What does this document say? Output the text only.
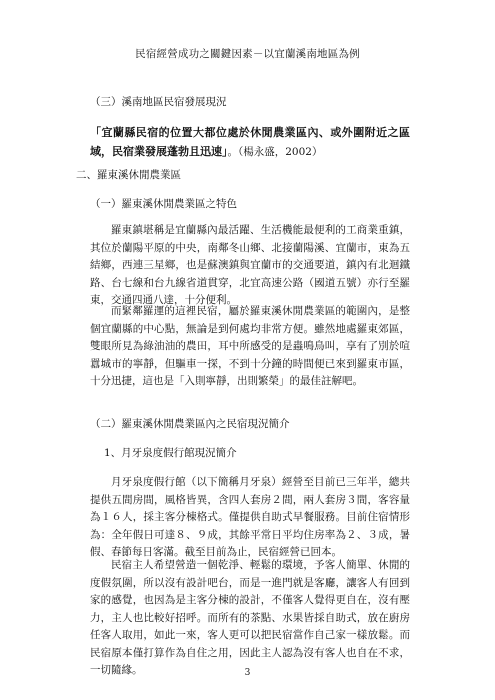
民宿經營成功之關鍵因素－以宜蘭溪南地區為例
（三）溪南地區民宿發展現況
「宜蘭縣民宿的位置大都位處於休閒農業區內、或外圍附近之區域，民宿業發展蓬勃且迅速」。（楊永盛，2002）
二、羅東溪休閒農業區
（一）羅東溪休閒農業區之特色
羅東鎮堪稱是宜蘭縣內最活躍、生活機能最便利的工商業重鎮，其位於蘭陽平原的中央，南鄰冬山鄉、北接蘭陽溪、宜蘭市，東為五結鄉，西連三星鄉，也是蘇澳鎮與宜蘭市的交通要道，鎮內有北迴鐵路、台七線和台九線省道貫穿，北宜高速公路（國道五號）亦行至羅東，交通四通八達，十分便利。
而緊鄰羅運的這裡民宿，屬於羅東溪休閒農業區的範圍內，是整個宜蘭縣的中心點，無論是到何處均非常方便。雖然地處羅東郊區，雙眼所見為綠油油的農田，耳中所感受的是蟲鳴鳥叫，享有了別於喧囂城市的寧靜，但驅車一探，不到十分鐘的時間便已來到羅東市區，十分迅捷，這也是「入則寧靜，出則繁榮」的最佳註解吧。
（二）羅東溪休閒農業區內之民宿現況簡介
1、月牙泉度假行館現況簡介
月牙泉度假行館（以下簡稱月牙泉）經營至目前已三年半，總共提供五間房間，風格皆異，含四人套房２間，兩人套房３間，客容量為１６人，採主客分棟格式。僅提供自助式早餐服務。目前住宿情形為：全年假日可達８、９成，其餘平常日平均住房率為２、３成，暑假、春節每日客滿。截至目前為止，民宿經營已回本。
民宿主人希望營造一個乾淨、輕鬆的環境，予客人簡單、休閒的度假氛圍，所以沒有設計吧台，而是一進門就是客廳，讓客人有回到家的感覺，也因為是主客分棟的設計，不僅客人覺得更自在，沒有壓力，主人也比較好招呼。而所有的茶點、水果皆採自助式，放在廚房任客人取用，如此一來，客人更可以把民宿當作自己家一樣放鬆。而民宿原本僅打算作為自住之用，因此主人認為沒有客人也自在不求，一切隨緣。	3
